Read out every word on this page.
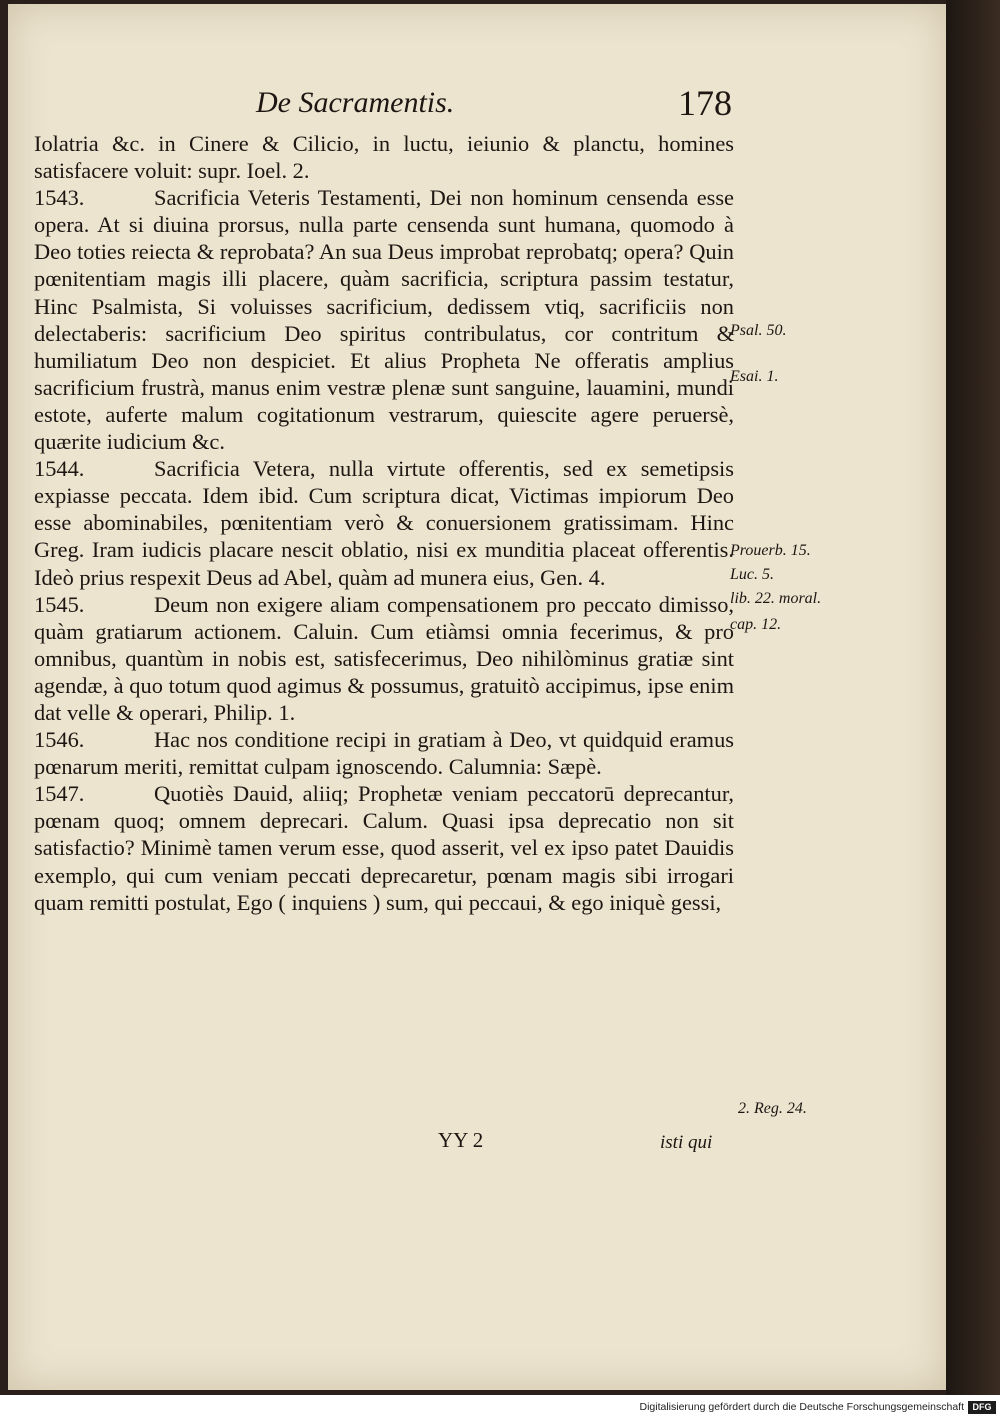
De Sacramentis.	178

Iolatria &c. in Cinere & Cilicio, in luctu, ieiunio & planctu, homines satisfacere voluit: supr. Ioel. 2.

1543.	Sacrificia Veteris Testamenti, Dei non hominum censenda esse opera. At si diuina prorsus, nulla parte censenda sunt humana, quomodo à Deo toties reiecta & reprobata? An sua Deus improbat reprobatq; opera? Quin pœnitentiam magis illi placere, quàm sacrificia, scriptura passim testatur, Hinc Psalmista, Si voluisses sacrificium, dedissem vtiq, sacrificiis non delectaberis: sacrificium Deo spiritus contribulatus, cor contritum & humiliatum Deo non despiciet. Et alius Propheta Ne offeratis amplius sacrificium frustrà, manus enim vestræ plenæ sunt sanguine, lauamini, mundi estote, auferte malum cogitationum vestrarum, quiescite agere peruersè, quærite iudicium &c.

1544.	Sacrificia Vetera, nulla virtute offerentis, sed ex semetipsis expiasse peccata. Idem ibid. Cum scriptura dicat, Victimas impiorum Deo esse abominabiles, pœnitentiam verò & conuersionem gratissimam. Hinc Greg. Iram iudicis placare nescit oblatio, nisi ex munditia placeat offerentis. Ideò prius respexit Deus ad Abel, quàm ad munera eius, Gen. 4.

1545.	Deum non exigere aliam compensationem pro peccato dimisso, quàm gratiarum actionem. Caluin. Cum etiàmsi omnia fecerimus, & pro omnibus, quantùm in nobis est, satisfecerimus, Deo nihilòminus gratiæ sint agendæ, à quo totum quod agimus & possumus, gratuitò accipimus, ipse enim dat velle & operari, Philip. 1.

1546.	Hac nos conditione recipi in gratiam à Deo, vt quidquid eramus pœnarum meriti, remittat culpam ignoscendo. Calumnia: Sæpè.

1547.	Quotiès Dauid, aliiq; Prophetæ veniam peccatorū deprecantur, pœnam quoq; omnem deprecari. Calum. Quasi ipsa deprecatio non sit satisfactio? Minimè tamen verum esse, quod asserit, vel ex ipso patet Dauidis exemplo, qui cum veniam peccati deprecaretur, pœnam magis sibi irrogari quam remitti postulat, Ego ( inquiens ) sum, qui peccaui, & ego iniquè gessi,

Psal. 50.
Esai. 1.
Prouerb. 15.
Luc. 5.
lib. 22. moral.
cap. 12.
2. Reg. 24.
YY 2	isti qui
Digitalisierung gefördert durch die Deutsche Forschungsgemeinschaft DFG
